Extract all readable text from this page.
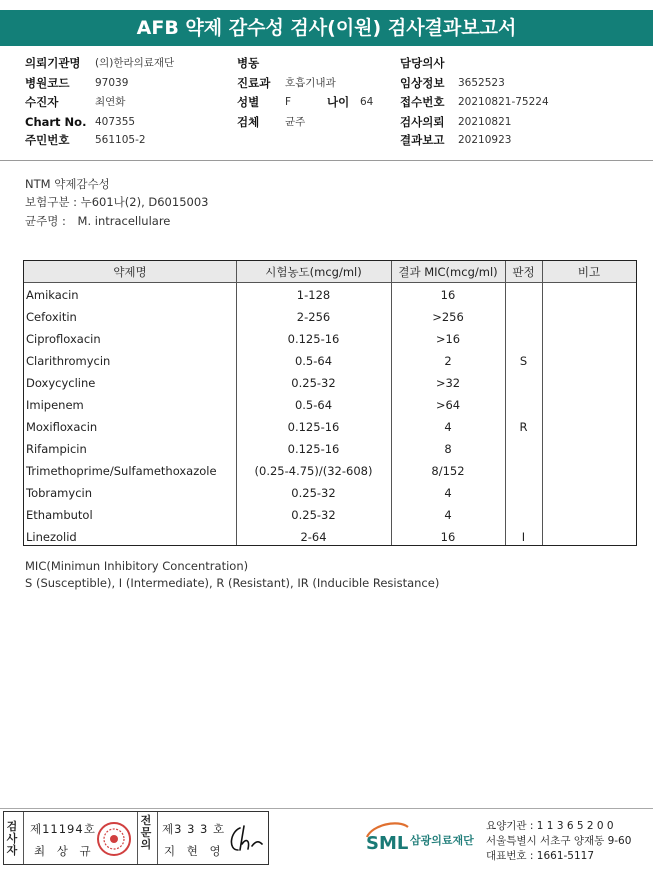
AFB 약제 감수성 검사(이원) 검사결과보고서
의뢰기관명 (의)한라의료재단
병원코드 97039
수진자	최연화
Chart No. 407355
주민번호 561105-2
병동
진료과 호흡기내과
성별 F	나이 64
검체 균주
담당의사
임상정보 3652523
접수번호 20210821-75224
검사의뢰 20210821
결과보고 20210923
NTM 약제감수성
보험구분 : 누601나(2), D6015003
균주명 : M. intracellulare
약제명	시험농도(mcg/ml)	결과 MIC(mcg/ml)	판정	비고
Amikacin	1-128	16
Cefoxitin	2-256	>256
Ciprofloxacin	0.125-16	>16
Clarithromycin	0.5-64	2	S
Doxycycline	0.25-32	>32
Imipenem	0.5-64	>64
Moxifloxacin	0.125-16	4	R
Rifampicin	0.125-16	8
Trimethoprime/Sulfamethoxazole	(0.25-4.75)/(32-608)	8/152
Tobramycin	0.25-32	4
Ethambutol	0.25-32	4
Linezolid	2-64	16	I
MIC(Minimun Inhibitory Concentration)
S (Susceptible), I (Intermediate), R (Resistant), IR (Inducible Resistance)
검사자
제11194호
최 상 규
전문의
제3 3 3 호
지 현 영	SML 삼광의료재단
요양기관 : 1 1 3 6 5 2 0 0
서울특별시 서초구 양재동 9-60
대표번호 : 1661-5117
